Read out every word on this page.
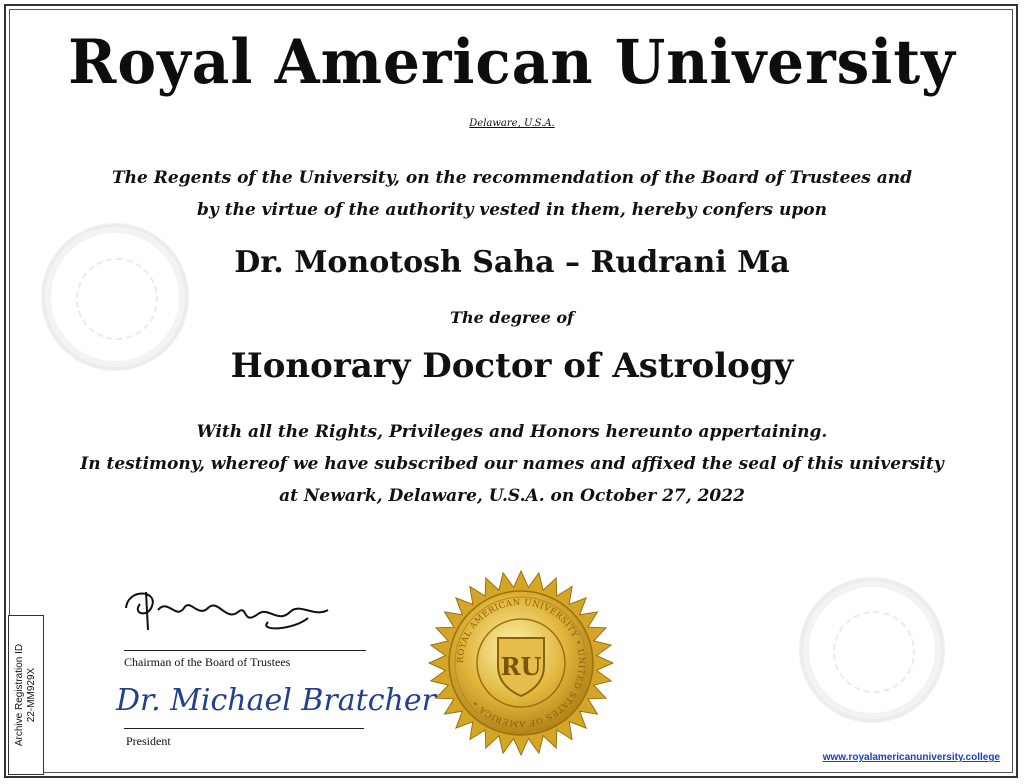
Royal American University
Delaware, U.S.A.
The Regents of the University, on the recommendation of the Board of Trustees and
by the virtue of the authority vested in them, hereby confers upon
Dr. Monotosh Saha – Rudrani Ma
The degree of
Honorary Doctor of Astrology
With all the Rights, Privileges and Honors hereunto appertaining.
In testimony, whereof we have subscribed our names and affixed the seal of this university
at Newark, Delaware, U.S.A. on October 27, 2022
Chairman of the Board of Trustees
Dr. Michael Bratcher
President
ROYAL AMERICAN UNIVERSITY • UNITED STATES OF AMERICA •
RU
Archive Registration ID 22-MM929X
www.royalamericanuniversity.college
